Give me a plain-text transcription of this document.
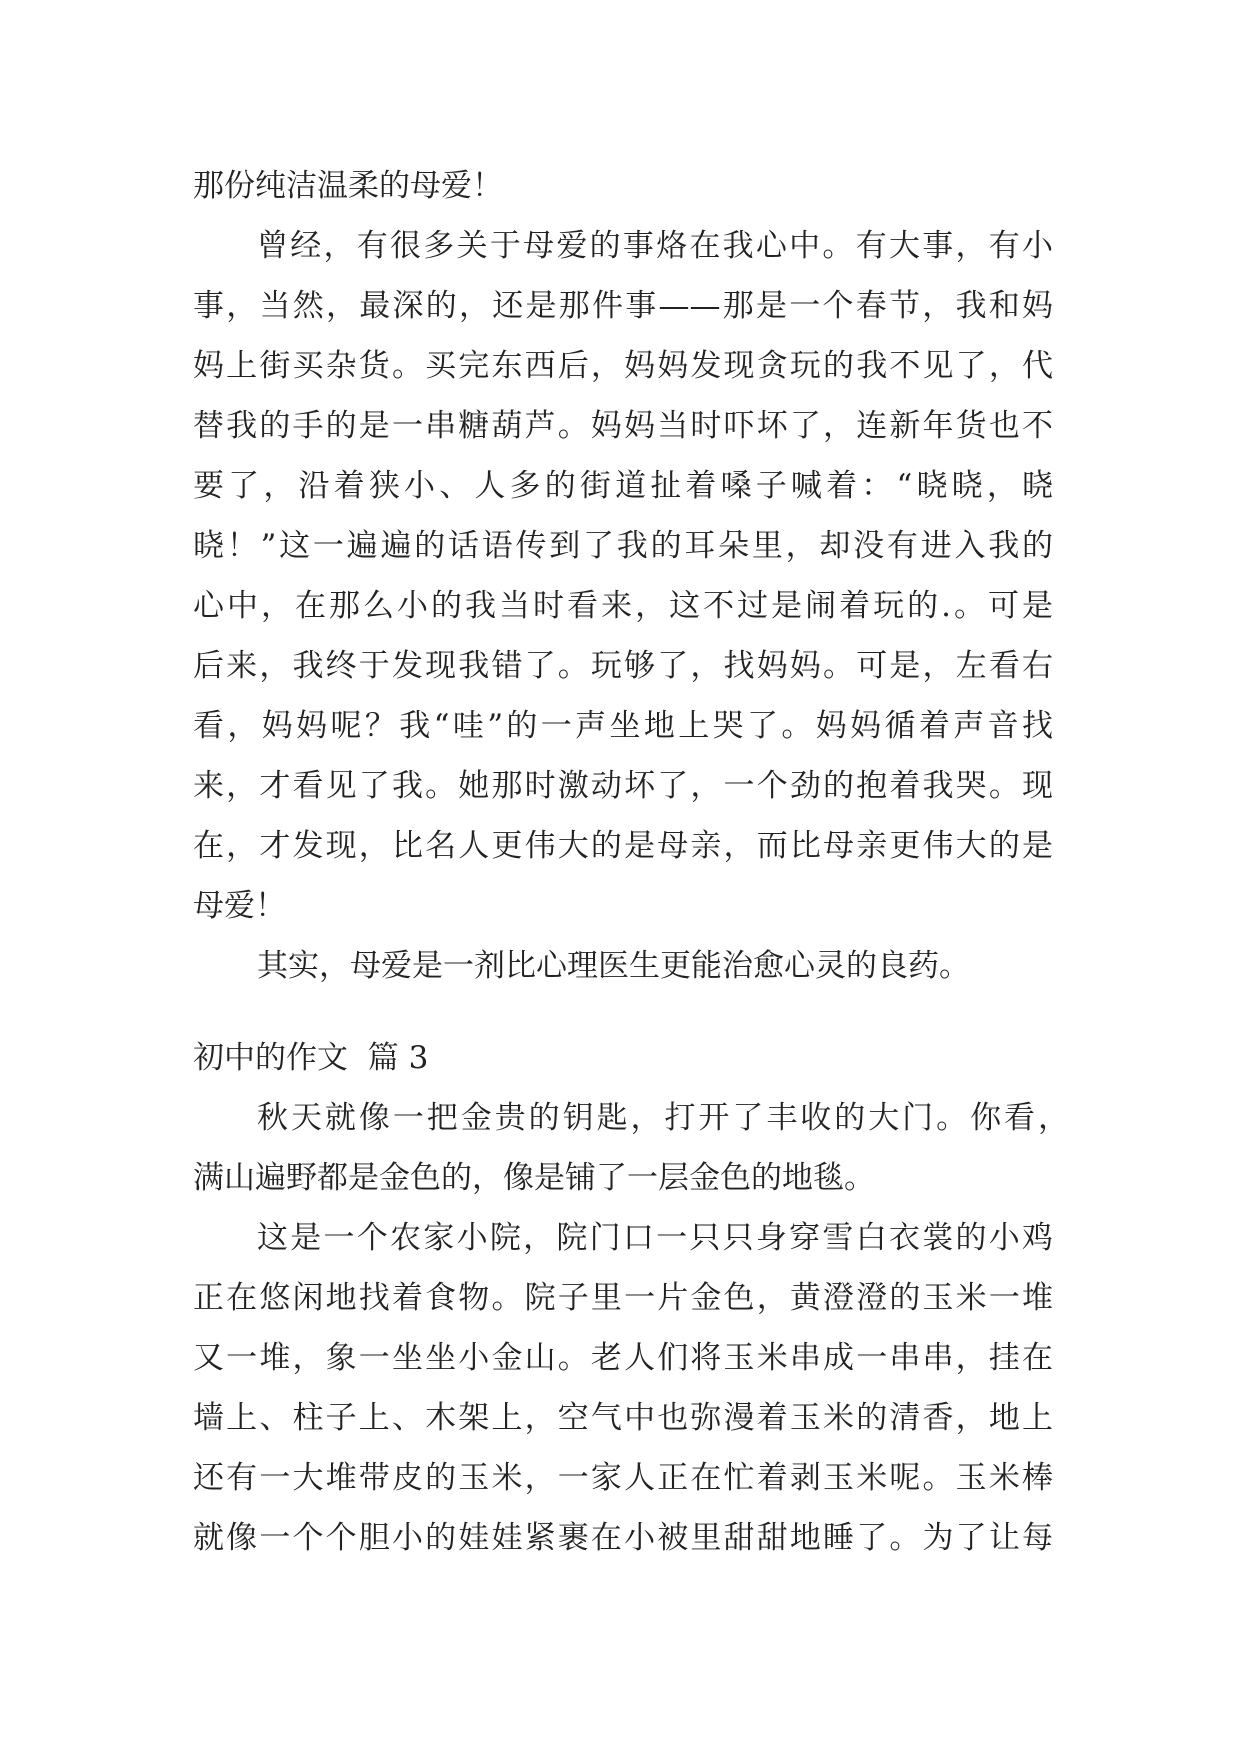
那份纯洁温柔的母爱！
曾经，有很多关于母爱的事烙在我心中。有大事，有小
事，当然，最深的，还是那件事——那是一个春节，我和妈
妈上街买杂货。买完东西后，妈妈发现贪玩的我不见了，代
替我的手的是一串糖葫芦。妈妈当时吓坏了，连新年货也不
要了，沿着狭小、人多的街道扯着嗓子喊着：“晓晓，晓
晓！”这一遍遍的话语传到了我的耳朵里，却没有进入我的
心中，在那么小的我当时看来，这不过是闹着玩的.。可是
后来，我终于发现我错了。玩够了，找妈妈。可是，左看右
看，妈妈呢？我“哇”的一声坐地上哭了。妈妈循着声音找
来，才看见了我。她那时激动坏了，一个劲的抱着我哭。现
在，才发现，比名人更伟大的是母亲，而比母亲更伟大的是
母爱！
其实，母爱是一剂比心理医生更能治愈心灵的良药。
初中的作文 篇 3
秋天就像一把金贵的钥匙，打开了丰收的大门。你看，
满山遍野都是金色的，像是铺了一层金色的地毯。
这是一个农家小院，院门口一只只身穿雪白衣裳的小鸡
正在悠闲地找着食物。院子里一片金色，黄澄澄的玉米一堆
又一堆，象一坐坐小金山。老人们将玉米串成一串串，挂在
墙上、柱子上、木架上，空气中也弥漫着玉米的清香，地上
还有一大堆带皮的玉米，一家人正在忙着剥玉米呢。玉米棒
就像一个个胆小的娃娃紧裹在小被里甜甜地睡了。为了让每
